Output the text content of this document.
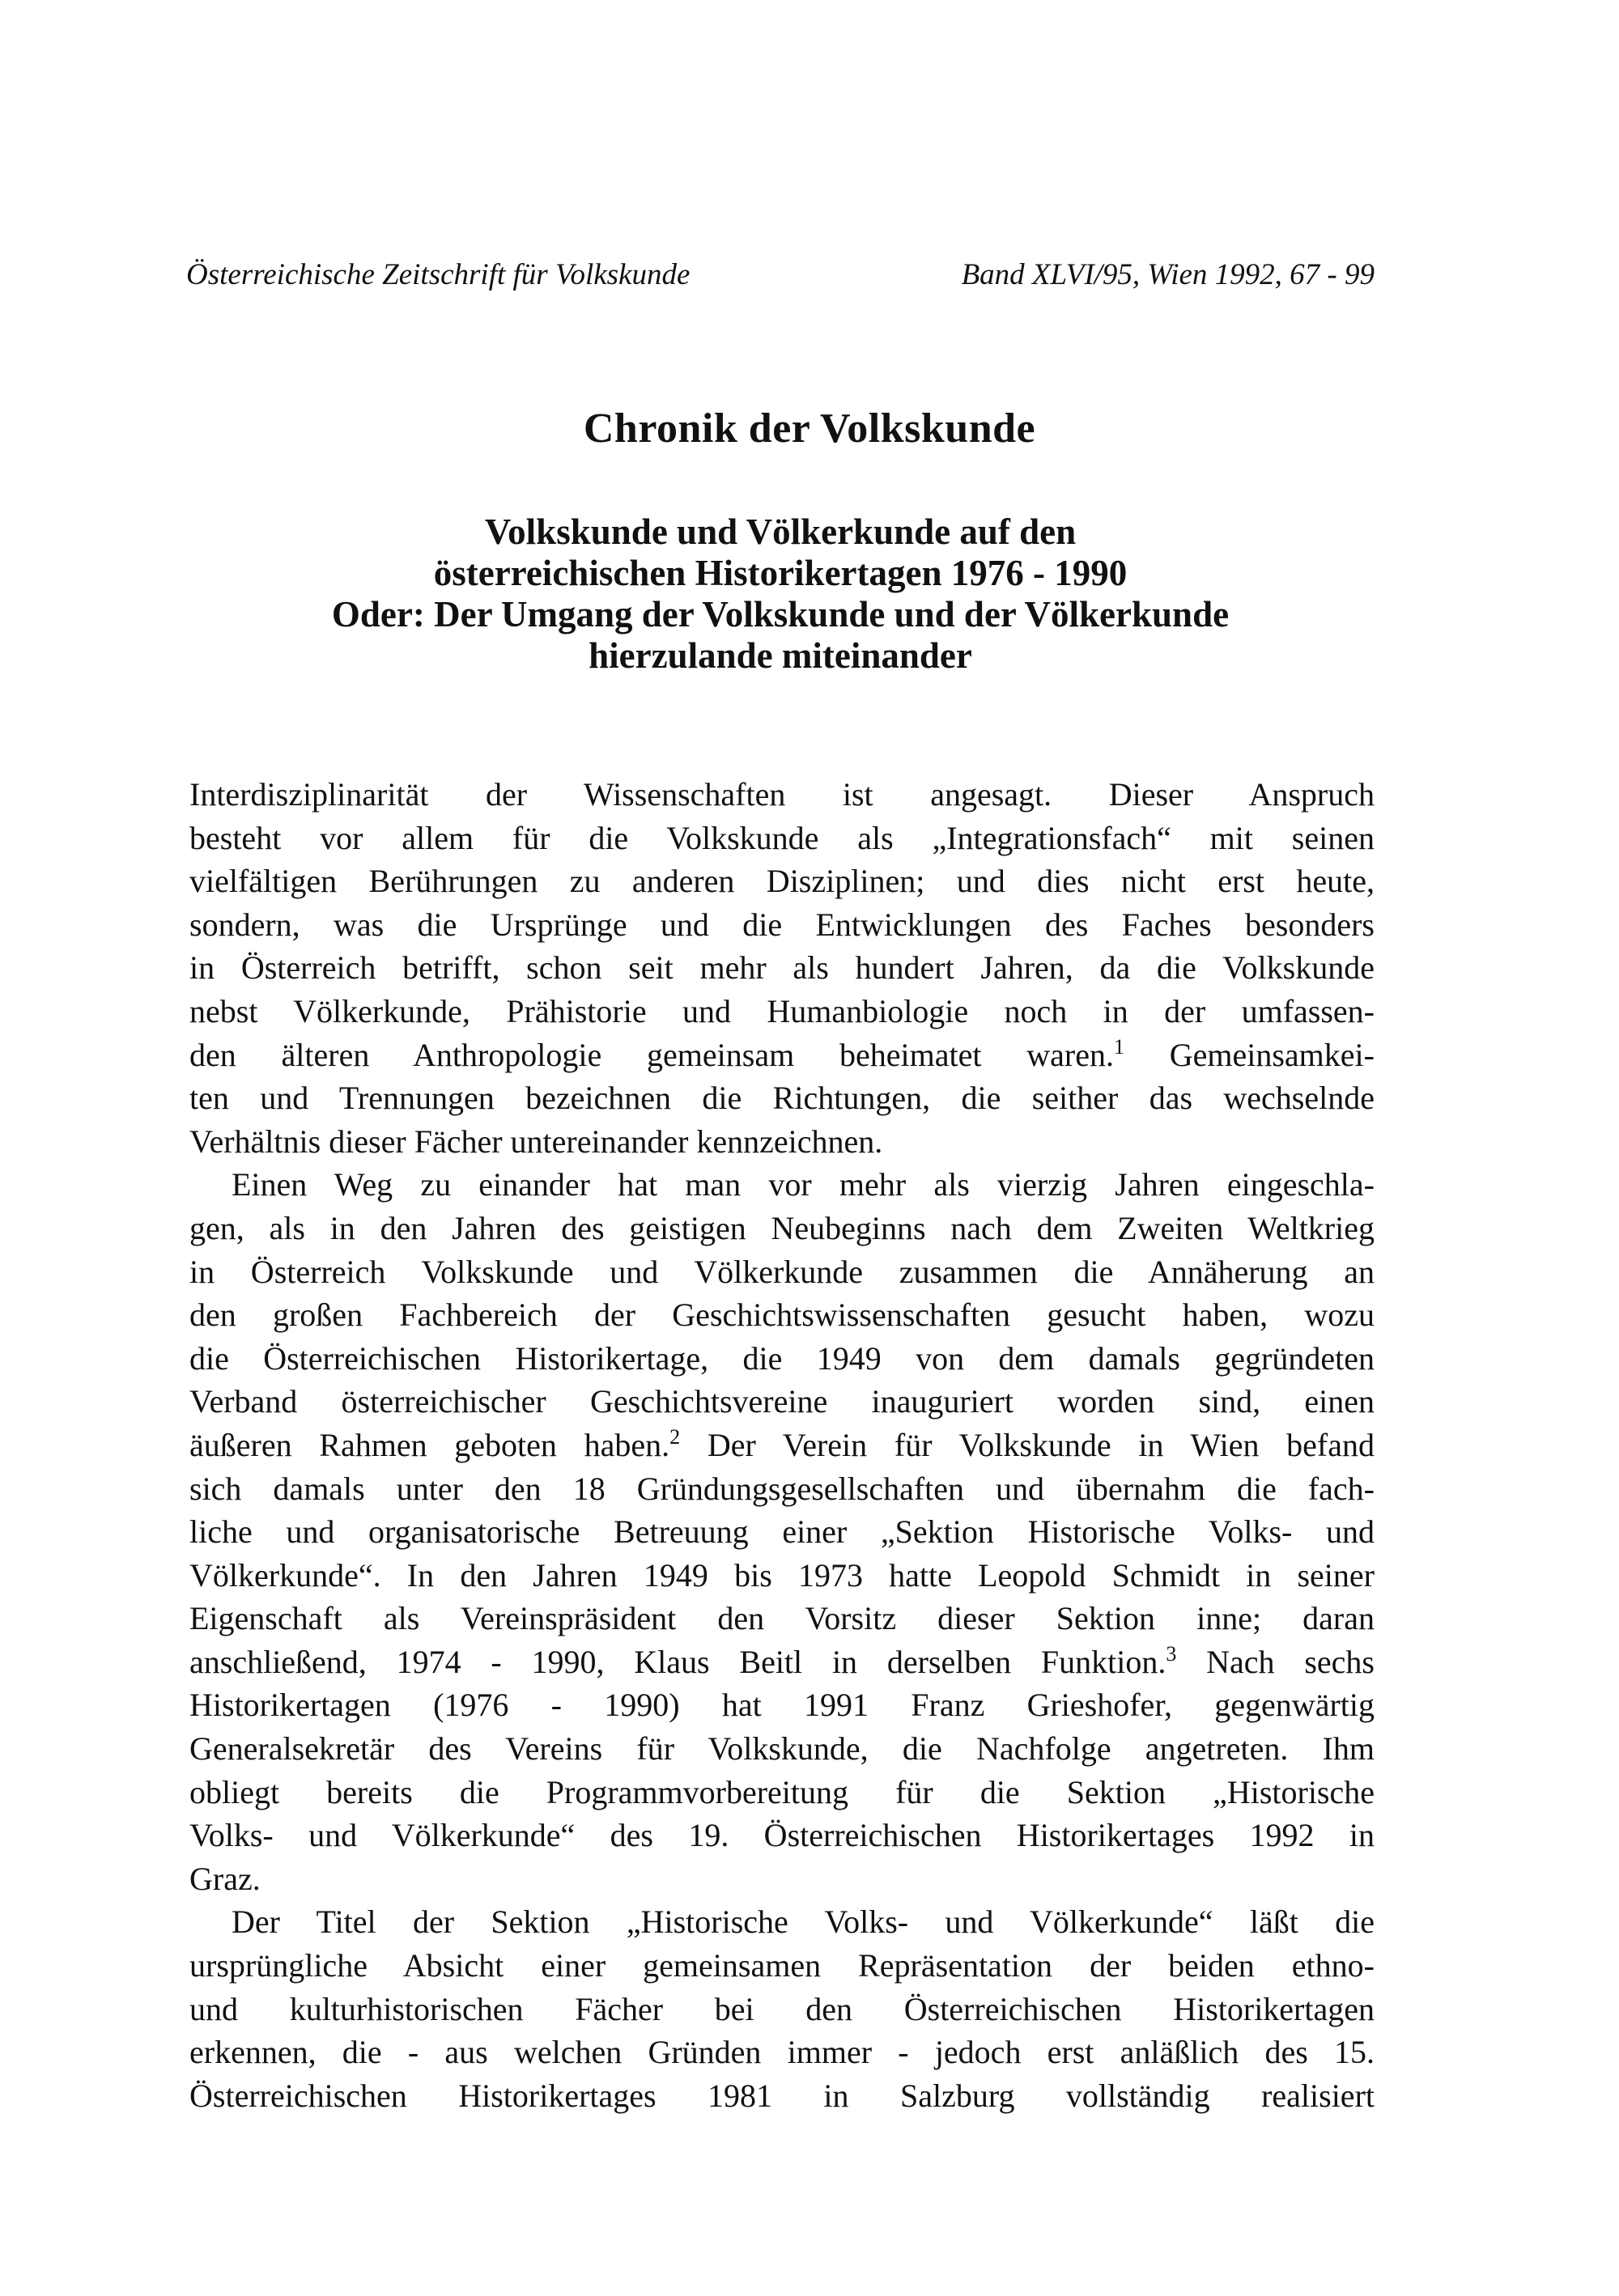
Österreichische Zeitschrift für Volkskunde	Band XLVI/95, Wien 1992, 67 - 99
Chronik der Volkskunde
Volkskunde und Völkerkunde auf den
österreichischen Historikertagen 1976 - 1990
Oder: Der Umgang der Volkskunde und der Völkerkunde
hierzulande miteinander
Interdisziplinarität der Wissenschaften ist angesagt. Dieser Anspruch
besteht vor allem für die Volkskunde als „Integrationsfach“ mit seinen
vielfältigen Berührungen zu anderen Disziplinen; und dies nicht erst heute,
sondern, was die Ursprünge und die Entwicklungen des Faches besonders
in Österreich betrifft, schon seit mehr als hundert Jahren, da die Volkskunde
nebst Völkerkunde, Prähistorie und Humanbiologie noch in der umfassen-
den älteren Anthropologie gemeinsam beheimatet waren.$^1$ Gemeinsamkei-
ten und Trennungen bezeichnen die Richtungen, die seither das wechselnde
Verhältnis dieser Fächer untereinander kennzeichnen.
Einen Weg zu einander hat man vor mehr als vierzig Jahren eingeschla-
gen, als in den Jahren des geistigen Neubeginns nach dem Zweiten Weltkrieg
in Österreich Volkskunde und Völkerkunde zusammen die Annäherung an
den großen Fachbereich der Geschichtswissenschaften gesucht haben, wozu
die Österreichischen Historikertage, die 1949 von dem damals gegründeten
Verband österreichischer Geschichtsvereine inauguriert worden sind, einen
äußeren Rahmen geboten haben.$^2$ Der Verein für Volkskunde in Wien befand
sich damals unter den 18 Gründungsgesellschaften und übernahm die fach-
liche und organisatorische Betreuung einer „Sektion Historische Volks- und
Völkerkunde“. In den Jahren 1949 bis 1973 hatte Leopold Schmidt in seiner
Eigenschaft als Vereinspräsident den Vorsitz dieser Sektion inne; daran
anschließend, 1974 - 1990, Klaus Beitl in derselben Funktion.$^3$ Nach sechs
Historikertagen (1976 - 1990) hat 1991 Franz Grieshofer, gegenwärtig
Generalsekretär des Vereins für Volkskunde, die Nachfolge angetreten. Ihm
obliegt bereits die Programmvorbereitung für die Sektion „Historische
Volks- und Völkerkunde“ des 19. Österreichischen Historikertages 1992 in
Graz.
Der Titel der Sektion „Historische Volks- und Völkerkunde“ läßt die
ursprüngliche Absicht einer gemeinsamen Repräsentation der beiden ethno-
und kulturhistorischen Fächer bei den Österreichischen Historikertagen
erkennen, die - aus welchen Gründen immer - jedoch erst anläßlich des 15.
Österreichischen Historikertages 1981 in Salzburg vollständig realisiert
